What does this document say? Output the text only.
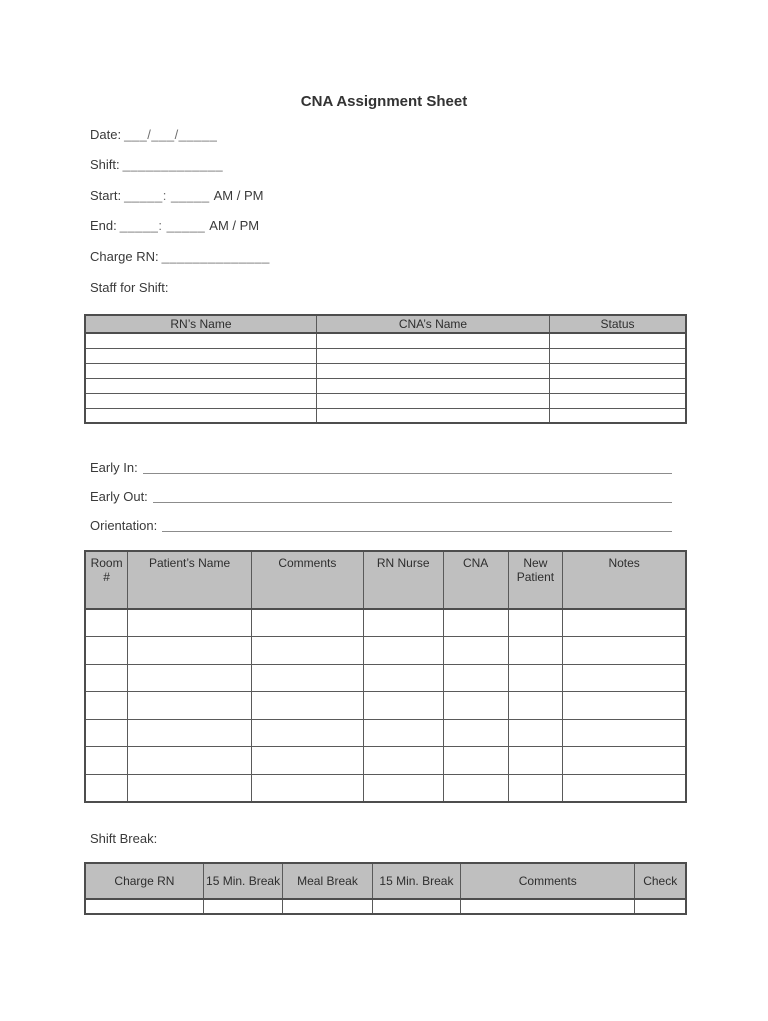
CNA Assignment Sheet
Date: ___/___/_____
Shift: _____________
Start: _____: _____ AM / PM
End: _____: _____ AM / PM
Charge RN: ______________
Staff for Shift:
RN’s Name	CNA’s Name	Status

Early In:
Early Out:
Orientation:
Room #	Patient’s Name	Comments	RN Nurse	CNA	New Patient	Notes

Shift Break:
Charge RN	15 Min. Break	Meal Break	15 Min. Break	Comments	Check
